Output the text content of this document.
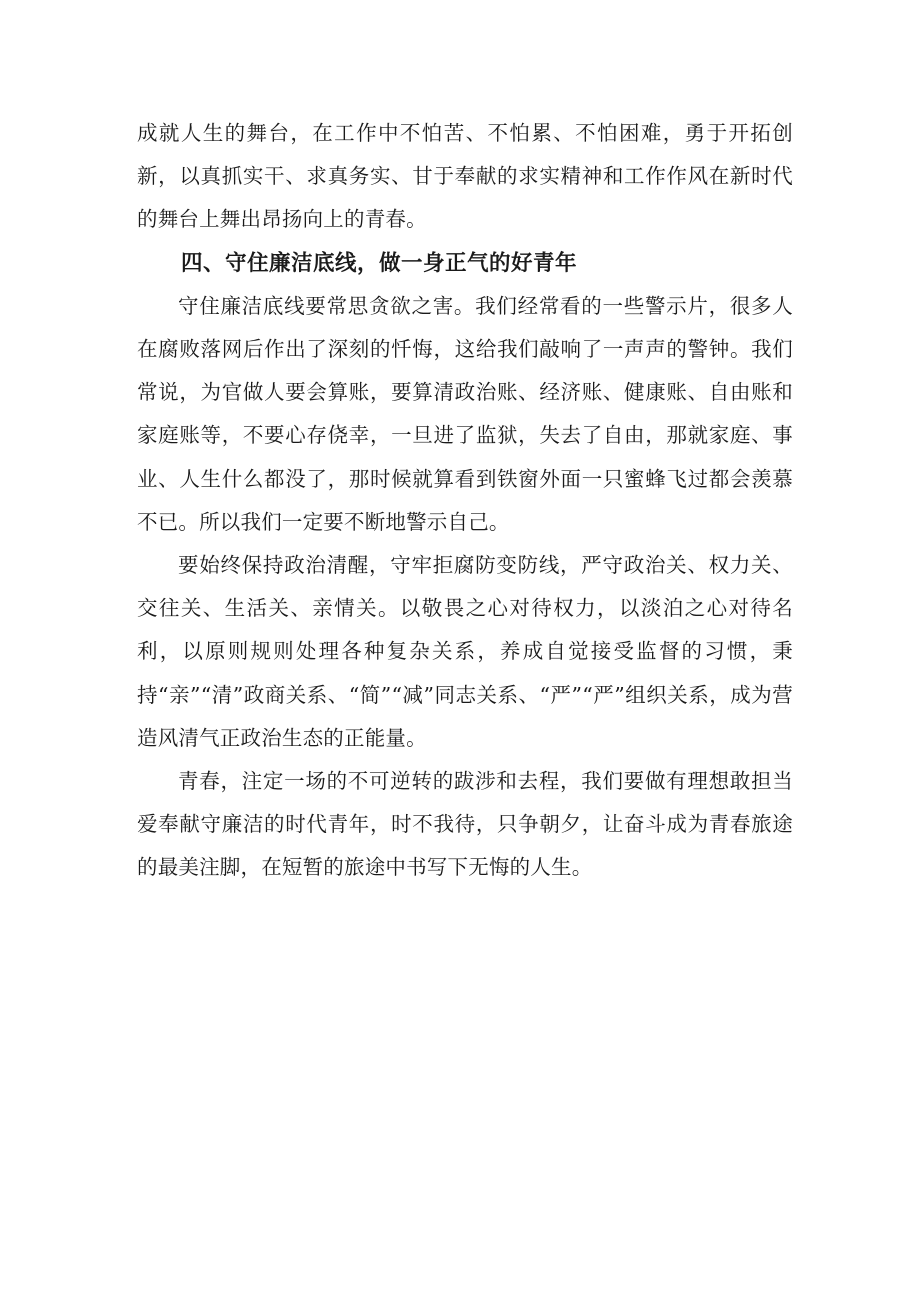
成就人生的舞台，在工作中不怕苦、不怕累、不怕困难，勇于开拓创新，以真抓实干、求真务实、甘于奉献的求实精神和工作作风在新时代的舞台上舞出昂扬向上的青春。

四、守住廉洁底线，做一身正气的好青年

守住廉洁底线要常思贪欲之害。我们经常看的一些警示片，很多人在腐败落网后作出了深刻的忏悔，这给我们敲响了一声声的警钟。我们常说，为官做人要会算账，要算清政治账、经济账、健康账、自由账和家庭账等，不要心存侥幸，一旦进了监狱，失去了自由，那就家庭、事业、人生什么都没了，那时候就算看到铁窗外面一只蜜蜂飞过都会羡慕不已。所以我们一定要不断地警示自己。

要始终保持政治清醒，守牢拒腐防变防线，严守政治关、权力关、交往关、生活关、亲情关。以敬畏之心对待权力，以淡泊之心对待名利，以原则规则处理各种复杂关系，养成自觉接受监督的习惯，秉持“亲”“清”政商关系、“简”“减”同志关系、“严”“严”组织关系，成为营造风清气正政治生态的正能量。

青春，注定一场的不可逆转的跋涉和去程，我们要做有理想敢担当爱奉献守廉洁的时代青年，时不我待，只争朝夕，让奋斗成为青春旅途的最美注脚，在短暂的旅途中书写下无悔的人生。
